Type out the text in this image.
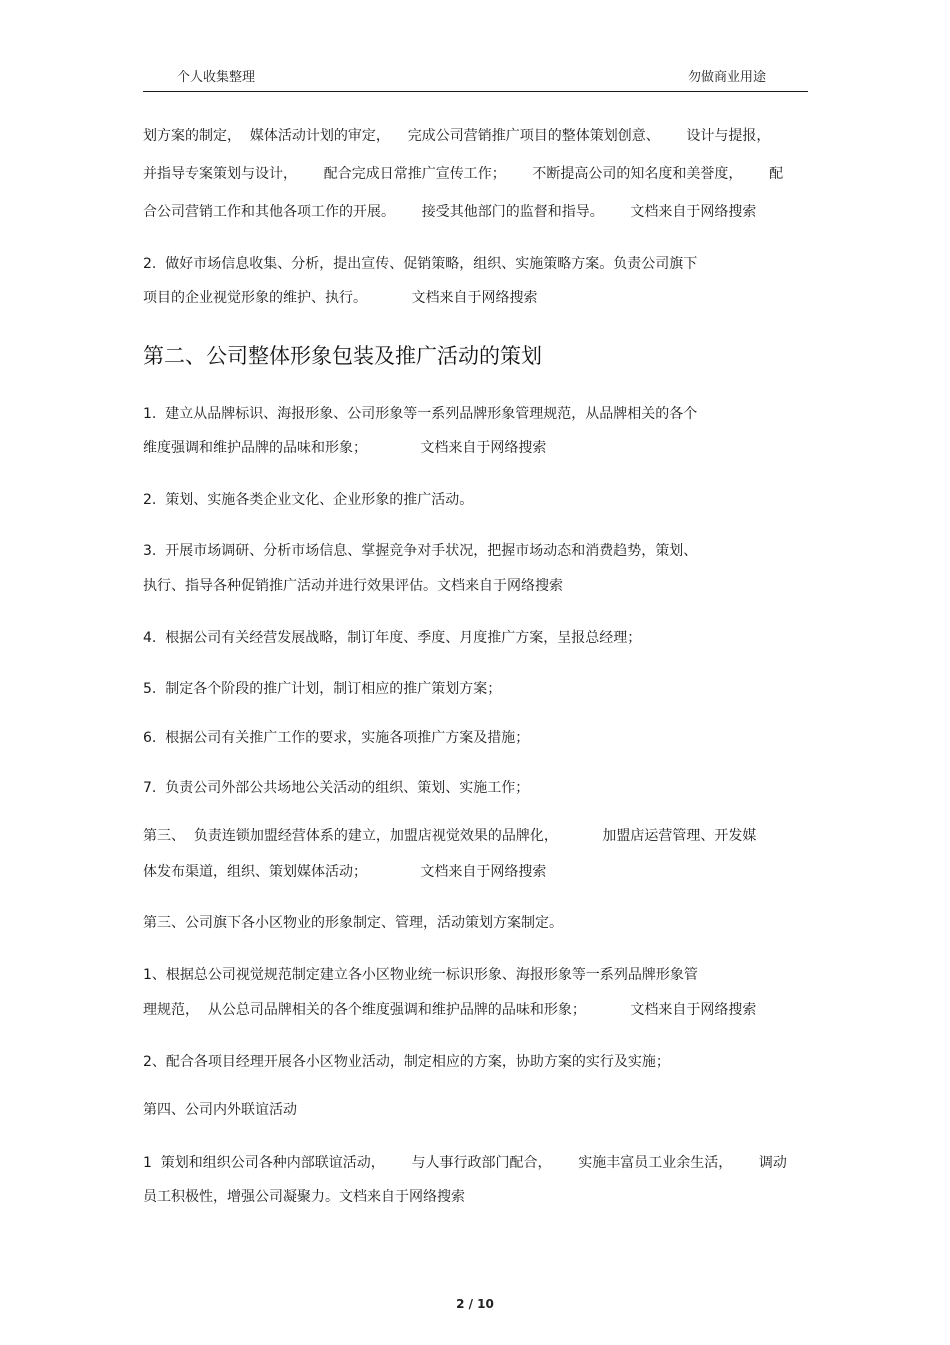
个人收集整理	勿做商业用途
划方案的制定，  媒体活动计划的审定，    完成公司营销推广项目的整体策划创意、      设计与提报，
并指导专案策划与设计，      配合完成日常推广宣传工作；      不断提高公司的知名度和美誉度，      配
合公司营销工作和其他各项工作的开展。      接受其他部门的监督和指导。      文档来自于网络搜索
2.  做好市场信息收集、分析，提出宣传、促销策略，组织、实施策略方案。负责公司旗下
项目的企业视觉形象的维护、执行。          文档来自于网络搜索
第二、公司整体形象包装及推广活动的策划
1.  建立从品牌标识、海报形象、公司形象等一系列品牌形象管理规范，从品牌相关的各个
维度强调和维护品牌的品味和形象；            文档来自于网络搜索
2.  策划、实施各类企业文化、企业形象的推广活动。
3.  开展市场调研、分析市场信息、掌握竞争对手状况，把握市场动态和消费趋势，策划、
执行、指导各种促销推广活动并进行效果评估。文档来自于网络搜索
4.  根据公司有关经营发展战略，制订年度、季度、月度推广方案，呈报总经理；
5.  制定各个阶段的推广计划，制订相应的推广策划方案；
6.  根据公司有关推广工作的要求，实施各项推广方案及措施；
7.  负责公司外部公共场地公关活动的组织、策划、实施工作；
第三、  负责连锁加盟经营体系的建立，加盟店视觉效果的品牌化，          加盟店运营管理、开发媒
体发布渠道，组织、策划媒体活动；            文档来自于网络搜索
第三、公司旗下各小区物业的形象制定、管理，活动策划方案制定。
1、根据总公司视觉规范制定建立各小区物业统一标识形象、海报形象等一系列品牌形象管
理规范，  从公总司品牌相关的各个维度强调和维护品牌的品味和形象；          文档来自于网络搜索
2、配合各项目经理开展各小区物业活动，制定相应的方案，协助方案的实行及实施；
第四、公司内外联谊活动
1  策划和组织公司各种内部联谊活动，      与人事行政部门配合，      实施丰富员工业余生活，      调动
员工积极性，增强公司凝聚力。文档来自于网络搜索
2 / 10
